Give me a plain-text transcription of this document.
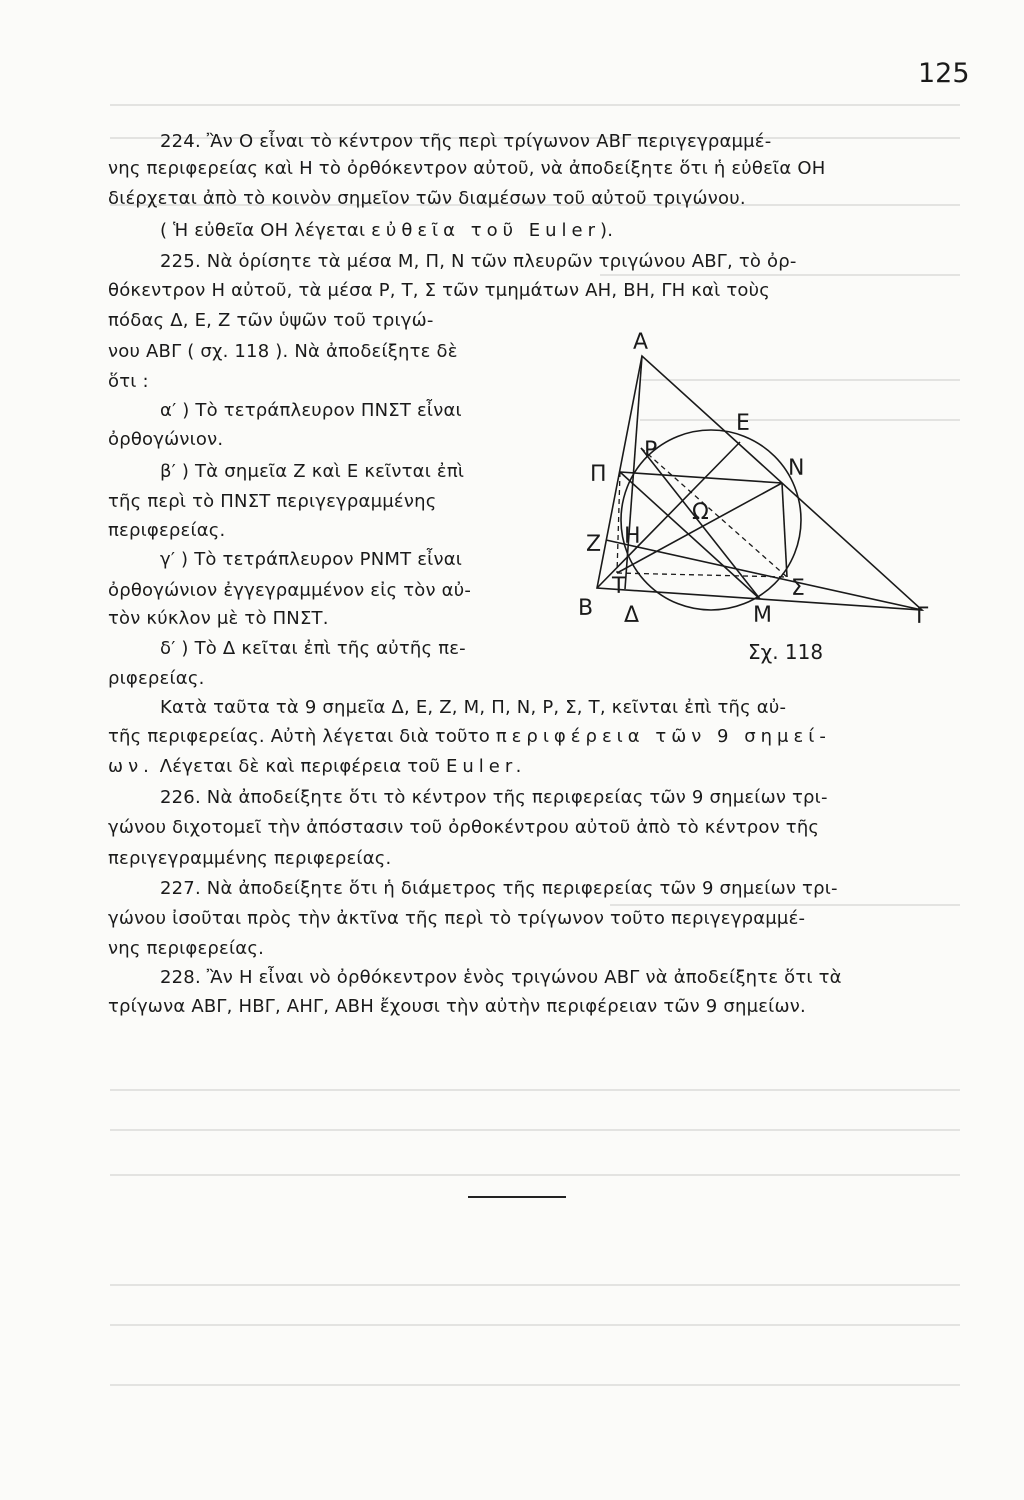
125
224. Ἂν Ο εἶναι τὸ κέντρον τῆς περὶ τρίγωνον ΑΒΓ περιγεγραμμέ-
νης περιφερείας καὶ Η τὸ ὀρθόκεντρον αὐτοῦ, νὰ ἀποδείξητε ὅτι ἡ εὐθεῖα ΟΗ
διέρχεται ἀπὸ τὸ κοινὸν σημεῖον τῶν διαμέσων τοῦ αὐτοῦ τριγώνου.
( Ἡ εὐθεῖα ΟΗ λέγεται εὐθεῖα τοῦ Euler).
225. Νὰ ὁρίσητε τὰ μέσα Μ, Π, Ν τῶν πλευρῶν τριγώνου ΑΒΓ, τὸ ὀρ-
θόκεντρον Η αὐτοῦ, τὰ μέσα Ρ, Τ, Σ τῶν τμημάτων ΑΗ, ΒΗ, ΓΗ καὶ τοὺς
πόδας Δ, Ε, Ζ τῶν ὑψῶν τοῦ τριγώ-
νου ΑΒΓ ( σχ. 118 ). Νὰ ἀποδείξητε δὲ
ὅτι :
α′ ) Τὸ τετράπλευρον ΠΝΣΤ εἶναι
ὀρθογώνιον.
β′ ) Τὰ σημεῖα Ζ καὶ Ε κεῖνται ἐπὶ
τῆς περὶ τὸ ΠΝΣΤ περιγεγραμμένης
περιφερείας.
γ′ ) Τὸ τετράπλευρον ΡΝΜΤ εἶναι
ὀρθογώνιον ἐγγεγραμμένον εἰς τὸν αὐ-
τὸν κύκλον μὲ τὸ ΠΝΣΤ.
δ′ ) Τὸ Δ κεῖται ἐπὶ τῆς αὐτῆς πε-
ριφερείας.
Κατὰ ταῦτα τὰ 9 σημεῖα Δ, Ε, Ζ, Μ, Π, Ν, Ρ, Σ, Τ, κεῖνται ἐπὶ τῆς αὐ-
τῆς περιφερείας. Αὐτὴ λέγεται διὰ τοῦτο περιφέρεια τῶν 9 σημεί-
ων. Λέγεται δὲ καὶ περιφέρεια τοῦ Euler.
226. Νὰ ἀποδείξητε ὅτι τὸ κέντρον τῆς περιφερείας τῶν 9 σημείων τρι-
γώνου διχοτομεῖ τὴν ἀπόστασιν τοῦ ὀρθοκέντρου αὐτοῦ ἀπὸ τὸ κέντρον τῆς
περιγεγραμμένης περιφερείας.
227. Νὰ ἀποδείξητε ὅτι ἡ διάμετρος τῆς περιφερείας τῶν 9 σημείων τρι-
γώνου ἰσοῦται πρὸς τὴν ἀκτῖνα τῆς περὶ τὸ τρίγωνον τοῦτο περιγεγραμμέ-
νης περιφερείας.
228. Ἂν Η εἶναι νὸ ὀρθόκεντρον ἑνὸς τριγώνου ΑΒΓ νὰ ἀποδείξητε ὅτι τὰ
τρίγωνα ΑΒΓ, ΗΒΓ, ΑΗΓ, ΑΒΗ ἔχουσι τὴν αὐτὴν περιφέρειαν τῶν 9 σημείων.
Α
Ρ
Ε
Ν
Π
Ω
Η
Ζ
Τ
Β Δ
Σ
Μ	Γ
Σχ. 118
